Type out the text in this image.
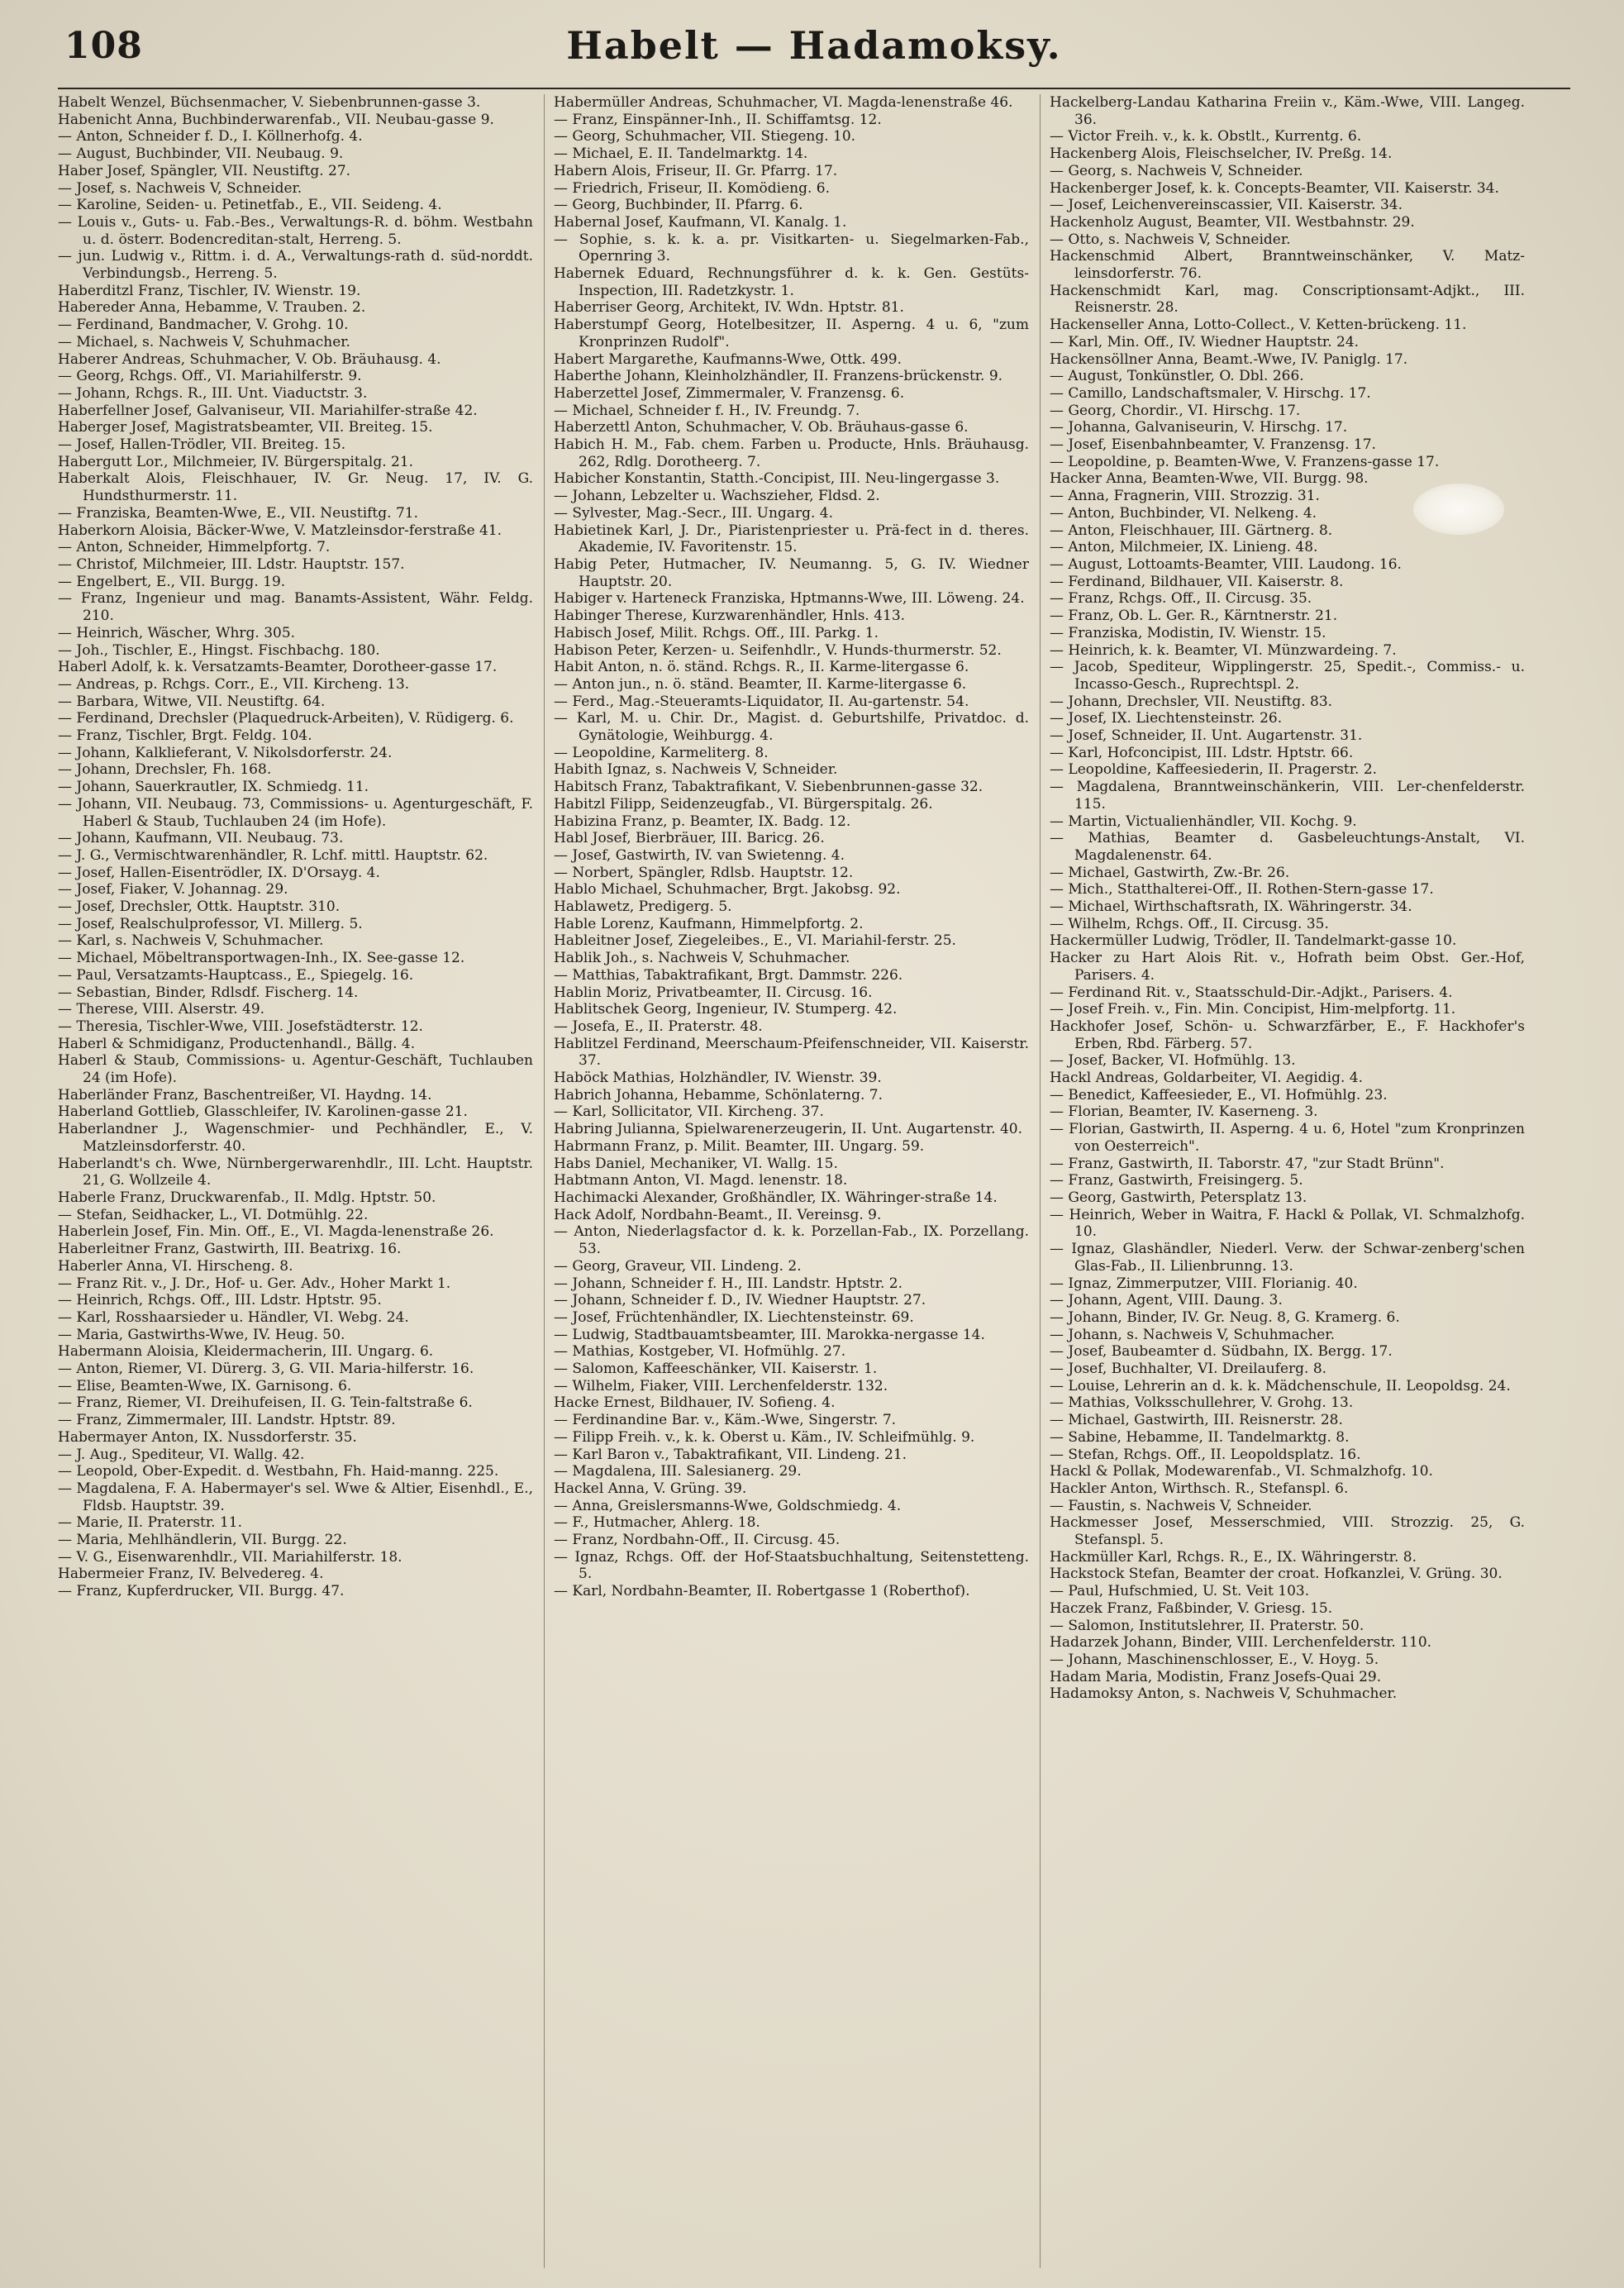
108	Habelt — Hadamoksy.
Habelt Wenzel, Büchsenmacher, V. Siebenbrunnen-gasse 3.
Habenicht Anna, Buchbinderwarenfab., VII. Neubau-gasse 9.
— Anton, Schneider f. D., I. Köllnerhofg. 4.
— August, Buchbinder, VII. Neubaug. 9.
Haber Josef, Spängler, VII. Neustiftg. 27.
— Josef, s. Nachweis V, Schneider.
— Karoline, Seiden- u. Petinetfab., E., VII. Seideng. 4.
— Louis v., Guts- u. Fab.-Bes., Verwaltungs-R. d. böhm. Westbahn u. d. österr. Bodencreditan-stalt, Herreng. 5.
— jun. Ludwig v., Rittm. i. d. A., Verwaltungs-rath d. süd-norddt. Verbindungsb., Herreng. 5.
Haberditzl Franz, Tischler, IV. Wienstr. 19.
Habereder Anna, Hebamme, V. Trauben. 2.
— Ferdinand, Bandmacher, V. Grohg. 10.
— Michael, s. Nachweis V, Schuhmacher.
Haberer Andreas, Schuhmacher, V. Ob. Bräuhausg. 4.
— Georg, Rchgs. Off., VI. Mariahilferstr. 9.
— Johann, Rchgs. R., III. Unt. Viaductstr. 3.
Haberfellner Josef, Galvaniseur, VII. Mariahilfer-straße 42.
Haberger Josef, Magistratsbeamter, VII. Breiteg. 15.
— Josef, Hallen-Trödler, VII. Breiteg. 15.
Habergutt Lor., Milchmeier, IV. Bürgerspitalg. 21.
Haberkalt Alois, Fleischhauer, IV. Gr. Neug. 17, IV. G. Hundsthurmerstr. 11.
— Franziska, Beamten-Wwe, E., VII. Neustiftg. 71.
Haberkorn Aloisia, Bäcker-Wwe, V. Matzleinsdor-ferstraße 41.
— Anton, Schneider, Himmelpfortg. 7.
— Christof, Milchmeier, III. Ldstr. Hauptstr. 157.
— Engelbert, E., VII. Burgg. 19.
— Franz, Ingenieur und mag. Banamts-Assistent, Währ. Feldg. 210.
— Heinrich, Wäscher, Whrg. 305.
— Joh., Tischler, E., Hingst. Fischbachg. 180.
Haberl Adolf, k. k. Versatzamts-Beamter, Dorotheer-gasse 17.
— Andreas, p. Rchgs. Corr., E., VII. Kircheng. 13.
— Barbara, Witwe, VII. Neustiftg. 64.
— Ferdinand, Drechsler (Plaquedruck-Arbeiten), V. Rüdigerg. 6.
— Franz, Tischler, Brgt. Feldg. 104.
— Johann, Kalklieferant, V. Nikolsdorferstr. 24.
— Johann, Drechsler, Fh. 168.
— Johann, Sauerkrautler, IX. Schmiedg. 11.
— Johann, VII. Neubaug. 73, Commissions- u. Agenturgeschäft, F. Haberl & Staub, Tuchlauben 24 (im Hofe).
— Johann, Kaufmann, VII. Neubaug. 73.
— J. G., Vermischtwarenhändler, R. Lchf. mittl. Hauptstr. 62.
— Josef, Hallen-Eisentrödler, IX. D'Orsayg. 4.
— Josef, Fiaker, V. Johannag. 29.
— Josef, Drechsler, Ottk. Hauptstr. 310.
— Josef, Realschulprofessor, VI. Millerg. 5.
— Karl, s. Nachweis V, Schuhmacher.
— Michael, Möbeltransportwagen-Inh., IX. See-gasse 12.
— Paul, Versatzamts-Hauptcass., E., Spiegelg. 16.
— Sebastian, Binder, Rdlsdf. Fischerg. 14.
— Therese, VIII. Alserstr. 49.
— Theresia, Tischler-Wwe, VIII. Josefstädterstr. 12.
Haberl & Schmidiganz, Productenhandl., Bällg. 4.
Haberl & Staub, Commissions- u. Agentur-Geschäft, Tuchlauben 24 (im Hofe).
Haberländer Franz, Baschentreißer, VI. Haydng. 14.
Haberland Gottlieb, Glasschleifer, IV. Karolinen-gasse 21.
Haberlandner J., Wagenschmier- und Pechhändler, E., V. Matzleinsdorferstr. 40.
Haberlandt's ch. Wwe, Nürnbergerwarenhdlr., III. Lcht. Hauptstr. 21, G. Wollzeile 4.
Haberle Franz, Druckwarenfab., II. Mdlg. Hptstr. 50.
— Stefan, Seidhacker, L., VI. Dotmühlg. 22.
Haberlein Josef, Fin. Min. Off., E., VI. Magda-lenenstraße 26.
Haberleitner Franz, Gastwirth, III. Beatrixg. 16.
Haberler Anna, VI. Hirscheng. 8.
— Franz Rit. v., J. Dr., Hof- u. Ger. Adv., Hoher Markt 1.
— Heinrich, Rchgs. Off., III. Ldstr. Hptstr. 95.
— Karl, Rosshaarsieder u. Händler, VI. Webg. 24.
— Maria, Gastwirths-Wwe, IV. Heug. 50.
Habermann Aloisia, Kleidermacherin, III. Ungarg. 6.
— Anton, Riemer, VI. Dürerg. 3, G. VII. Maria-hilferstr. 16.
— Elise, Beamten-Wwe, IX. Garnisong. 6.
— Franz, Riemer, VI. Dreihufeisen, II. G. Tein-faltstraße 6.
— Franz, Zimmermaler, III. Landstr. Hptstr. 89.
Habermayer Anton, IX. Nussdorferstr. 35.
— J. Aug., Spediteur, VI. Wallg. 42.
— Leopold, Ober-Expedit. d. Westbahn, Fh. Haid-manng. 225.
— Magdalena, F. A. Habermayer's sel. Wwe & Altier, Eisenhdl., E., Fldsb. Hauptstr. 39.
— Marie, II. Praterstr. 11.
— Maria, Mehlhändlerin, VII. Burgg. 22.
— V. G., Eisenwarenhdlr., VII. Mariahilferstr. 18.
Habermeier Franz, IV. Belvedereg. 4.
— Franz, Kupferdrucker, VII. Burgg. 47.
Habermüller Andreas, Schuhmacher, VI. Magda-lenenstraße 46.
— Franz, Einspänner-Inh., II. Schiffamtsg. 12.
— Georg, Schuhmacher, VII. Stiegeng. 10.
— Michael, E. II. Tandelmarktg. 14.
Habern Alois, Friseur, II. Gr. Pfarrg. 17.
— Friedrich, Friseur, II. Komödieng. 6.
— Georg, Buchbinder, II. Pfarrg. 6.
Habernal Josef, Kaufmann, VI. Kanalg. 1.
— Sophie, s. k. k. a. pr. Visitkarten- u. Siegelmarken-Fab., Opernring 3.
Habernek Eduard, Rechnungsführer d. k. k. Gen. Gestüts-Inspection, III. Radetzkystr. 1.
Haberriser Georg, Architekt, IV. Wdn. Hptstr. 81.
Haberstumpf Georg, Hotelbesitzer, II. Asperng. 4 u. 6, "zum Kronprinzen Rudolf".
Habert Margarethe, Kaufmanns-Wwe, Ottk. 499.
Haberthe Johann, Kleinholzhändler, II. Franzens-brückenstr. 9.
Haberzettel Josef, Zimmermaler, V. Franzensg. 6.
— Michael, Schneider f. H., IV. Freundg. 7.
Haberzettl Anton, Schuhmacher, V. Ob. Bräuhaus-gasse 6.
Habich H. M., Fab. chem. Farben u. Producte, Hnls. Bräuhausg. 262, Rdlg. Dorotheerg. 7.
Habicher Konstantin, Statth.-Concipist, III. Neu-lingergasse 3.
— Johann, Lebzelter u. Wachszieher, Fldsd. 2.
— Sylvester, Mag.-Secr., III. Ungarg. 4.
Habietinek Karl, J. Dr., Piaristenpriester u. Prä-fect in d. theres. Akademie, IV. Favoritenstr. 15.
Habig Peter, Hutmacher, IV. Neumanng. 5, G. IV. Wiedner Hauptstr. 20.
Habiger v. Harteneck Franziska, Hptmanns-Wwe, III. Löweng. 24.
Habinger Therese, Kurzwarenhändler, Hnls. 413.
Habisch Josef, Milit. Rchgs. Off., III. Parkg. 1.
Habison Peter, Kerzen- u. Seifenhdlr., V. Hunds-thurmerstr. 52.
Habit Anton, n. ö. ständ. Rchgs. R., II. Karme-litergasse 6.
— Anton jun., n. ö. ständ. Beamter, II. Karme-litergasse 6.
— Ferd., Mag.-Steueramts-Liquidator, II. Au-gartenstr. 54.
— Karl, M. u. Chir. Dr., Magist. d. Geburtshilfe, Privatdoc. d. Gynätologie, Weihburgg. 4.
— Leopoldine, Karmeliterg. 8.
Habith Ignaz, s. Nachweis V, Schneider.
Habitsch Franz, Tabaktrafikant, V. Siebenbrunnen-gasse 32.
Habitzl Filipp, Seidenzeugfab., VI. Bürgerspitalg. 26.
Habizina Franz, p. Beamter, IX. Badg. 12.
Habl Josef, Bierbräuer, III. Baricg. 26.
— Josef, Gastwirth, IV. van Swietenng. 4.
— Norbert, Spängler, Rdlsb. Hauptstr. 12.
Hablo Michael, Schuhmacher, Brgt. Jakobsg. 92.
Hablawetz, Predigerg. 5.
Hable Lorenz, Kaufmann, Himmelpfortg. 2.
Hableitner Josef, Ziegeleibes., E., VI. Mariahil-ferstr. 25.
Hablik Joh., s. Nachweis V, Schuhmacher.
— Matthias, Tabaktrafikant, Brgt. Dammstr. 226.
Hablin Moriz, Privatbeamter, II. Circusg. 16.
Hablitschek Georg, Ingenieur, IV. Stumperg. 42.
— Josefa, E., II. Praterstr. 48.
Hablitzel Ferdinand, Meerschaum-Pfeifenschneider, VII. Kaiserstr. 37.
Haböck Mathias, Holzhändler, IV. Wienstr. 39.
Habrich Johanna, Hebamme, Schönlaterng. 7.
— Karl, Sollicitator, VII. Kircheng. 37.
Habring Julianna, Spielwarenerzeugerin, II. Unt. Augartenstr. 40.
Habrmann Franz, p. Milit. Beamter, III. Ungarg. 59.
Habs Daniel, Mechaniker, VI. Wallg. 15.
Habtmann Anton, VI. Magd. lenenstr. 18.
Hachimacki Alexander, Großhändler, IX. Währinger-straße 14.
Hack Adolf, Nordbahn-Beamt., II. Vereinsg. 9.
— Anton, Niederlagsfactor d. k. k. Porzellan-Fab., IX. Porzellang. 53.
— Georg, Graveur, VII. Lindeng. 2.
— Johann, Schneider f. H., III. Landstr. Hptstr. 2.
— Johann, Schneider f. D., IV. Wiedner Hauptstr. 27.
— Josef, Früchtenhändler, IX. Liechtensteinstr. 69.
— Ludwig, Stadtbauamtsbeamter, III. Marokka-nergasse 14.
— Mathias, Kostgeber, VI. Hofmühlg. 27.
— Salomon, Kaffeeschänker, VII. Kaiserstr. 1.
— Wilhelm, Fiaker, VIII. Lerchenfelderstr. 132.
Hacke Ernest, Bildhauer, IV. Sofieng. 4.
— Ferdinandine Bar. v., Käm.-Wwe, Singerstr. 7.
— Filipp Freih. v., k. k. Oberst u. Käm., IV. Schleifmühlg. 9.
— Karl Baron v., Tabaktrafikant, VII. Lindeng. 21.
— Magdalena, III. Salesianerg. 29.
Hackel Anna, V. Grüng. 39.
— Anna, Greislersmanns-Wwe, Goldschmiedg. 4.
— F., Hutmacher, Ahlerg. 18.
— Franz, Nordbahn-Off., II. Circusg. 45.
— Ignaz, Rchgs. Off. der Hof-Staatsbuchhaltung, Seitenstetteng. 5.
— Karl, Nordbahn-Beamter, II. Robertgasse 1 (Roberthof).
Hackelberg-Landau Katharina Freiin v., Käm.-Wwe, VIII. Langeg. 36.
— Victor Freih. v., k. k. Obstlt., Kurrentg. 6.
Hackenberg Alois, Fleischselcher, IV. Preßg. 14.
— Georg, s. Nachweis V, Schneider.
Hackenberger Josef, k. k. Concepts-Beamter, VII. Kaiserstr. 34.
— Josef, Leichenvereinscassier, VII. Kaiserstr. 34.
Hackenholz August, Beamter, VII. Westbahnstr. 29.
— Otto, s. Nachweis V, Schneider.
Hackenschmid Albert, Branntweinschänker, V. Matz-leinsdorferstr. 76.
Hackenschmidt Karl, mag. Conscriptionsamt-Adjkt., III. Reisnerstr. 28.
Hackenseller Anna, Lotto-Collect., V. Ketten-brückeng. 11.
— Karl, Min. Off., IV. Wiedner Hauptstr. 24.
Hackensöllner Anna, Beamt.-Wwe, IV. Paniglg. 17.
— August, Tonkünstler, O. Dbl. 266.
— Camillo, Landschaftsmaler, V. Hirschg. 17.
— Georg, Chordir., VI. Hirschg. 17.
— Johanna, Galvaniseurin, V. Hirschg. 17.
— Josef, Eisenbahnbeamter, V. Franzensg. 17.
— Leopoldine, p. Beamten-Wwe, V. Franzens-gasse 17.
Hacker Anna, Beamten-Wwe, VII. Burgg. 98.
— Anna, Fragnerin, VIII. Strozzig. 31.
— Anton, Buchbinder, VI. Nelkeng. 4.
— Anton, Fleischhauer, III. Gärtnerg. 8.
— Anton, Milchmeier, IX. Linieng. 48.
— August, Lottoamts-Beamter, VIII. Laudong. 16.
— Ferdinand, Bildhauer, VII. Kaiserstr. 8.
— Franz, Rchgs. Off., II. Circusg. 35.
— Franz, Ob. L. Ger. R., Kärntnerstr. 21.
— Franziska, Modistin, IV. Wienstr. 15.
— Heinrich, k. k. Beamter, VI. Münzwardeing. 7.
— Jacob, Spediteur, Wipplingerstr. 25, Spedit.-, Commiss.- u. Incasso-Gesch., Ruprechtspl. 2.
— Johann, Drechsler, VII. Neustiftg. 83.
— Josef, IX. Liechtensteinstr. 26.
— Josef, Schneider, II. Unt. Augartenstr. 31.
— Karl, Hofconcipist, III. Ldstr. Hptstr. 66.
— Leopoldine, Kaffeesiederin, II. Pragerstr. 2.
— Magdalena, Branntweinschänkerin, VIII. Ler-chenfelderstr. 115.
— Martin, Victualienhändler, VII. Kochg. 9.
— Mathias, Beamter d. Gasbeleuchtungs-Anstalt, VI. Magdalenenstr. 64.
— Michael, Gastwirth, Zw.-Br. 26.
— Mich., Statthalterei-Off., II. Rothen-Stern-gasse 17.
— Michael, Wirthschaftsrath, IX. Währingerstr. 34.
— Wilhelm, Rchgs. Off., II. Circusg. 35.
Hackermüller Ludwig, Trödler, II. Tandelmarkt-gasse 10.
Hacker zu Hart Alois Rit. v., Hofrath beim Obst. Ger.-Hof, Parisers. 4.
— Ferdinand Rit. v., Staatsschuld-Dir.-Adjkt., Parisers. 4.
— Josef Freih. v., Fin. Min. Concipist, Him-melpfortg. 11.
Hackhofer Josef, Schön- u. Schwarzfärber, E., F. Hackhofer's Erben, Rbd. Färberg. 57.
— Josef, Backer, VI. Hofmühlg. 13.
Hackl Andreas, Goldarbeiter, VI. Aegidig. 4.
— Benedict, Kaffeesieder, E., VI. Hofmühlg. 23.
— Florian, Beamter, IV. Kaserneng. 3.
— Florian, Gastwirth, II. Asperng. 4 u. 6, Hotel "zum Kronprinzen von Oesterreich".
— Franz, Gastwirth, II. Taborstr. 47, "zur Stadt Brünn".
— Franz, Gastwirth, Freisingerg. 5.
— Georg, Gastwirth, Petersplatz 13.
— Heinrich, Weber in Waitra, F. Hackl & Pollak, VI. Schmalzhofg. 10.
— Ignaz, Glashändler, Niederl. Verw. der Schwar-zenberg'schen Glas-Fab., II. Lilienbrunng. 13.
— Ignaz, Zimmerputzer, VIII. Florianig. 40.
— Johann, Agent, VIII. Daung. 3.
— Johann, Binder, IV. Gr. Neug. 8, G. Kramerg. 6.
— Johann, s. Nachweis V, Schuhmacher.
— Josef, Baubeamter d. Südbahn, IX. Bergg. 17.
— Josef, Buchhalter, VI. Dreilauferg. 8.
— Louise, Lehrerin an d. k. k. Mädchenschule, II. Leopoldsg. 24.
— Mathias, Volksschullehrer, V. Grohg. 13.
— Michael, Gastwirth, III. Reisnerstr. 28.
— Sabine, Hebamme, II. Tandelmarktg. 8.
— Stefan, Rchgs. Off., II. Leopoldsplatz. 16.
Hackl & Pollak, Modewarenfab., VI. Schmalzhofg. 10.
Hackler Anton, Wirthsch. R., Stefanspl. 6.
— Faustin, s. Nachweis V, Schneider.
Hackmesser Josef, Messerschmied, VIII. Strozzig. 25, G. Stefanspl. 5.
Hackmüller Karl, Rchgs. R., E., IX. Währingerstr. 8.
Hackstock Stefan, Beamter der croat. Hofkanzlei, V. Grüng. 30.
— Paul, Hufschmied, U. St. Veit 103.
Haczek Franz, Faßbinder, V. Griesg. 15.
— Salomon, Institutslehrer, II. Praterstr. 50.
Hadarzek Johann, Binder, VIII. Lerchenfelderstr. 110.
— Johann, Maschinenschlosser, E., V. Hoyg. 5.
Hadam Maria, Modistin, Franz Josefs-Quai 29.
Hadamoksy Anton, s. Nachweis V, Schuhmacher.
